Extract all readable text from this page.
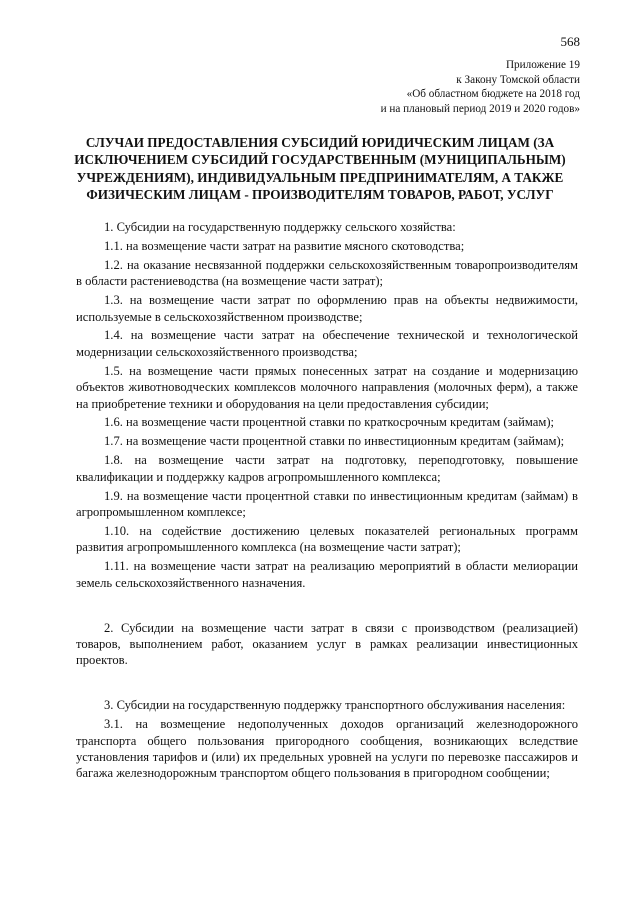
568
Приложение 19
к Закону Томской области
«Об областном бюджете на 2018 год
и на плановый период 2019 и 2020 годов»
СЛУЧАИ ПРЕДОСТАВЛЕНИЯ СУБСИДИЙ ЮРИДИЧЕСКИМ ЛИЦАМ (ЗА ИСКЛЮЧЕНИЕМ СУБСИДИЙ ГОСУДАРСТВЕННЫМ (МУНИЦИПАЛЬНЫМ) УЧРЕЖДЕНИЯМ), ИНДИВИДУАЛЬНЫМ ПРЕДПРИНИМАТЕЛЯМ, А ТАКЖЕ ФИЗИЧЕСКИМ ЛИЦАМ - ПРОИЗВОДИТЕЛЯМ ТОВАРОВ, РАБОТ, УСЛУГ

1. Субсидии на государственную поддержку сельского хозяйства:

1.1. на возмещение части затрат на развитие мясного скотоводства;

1.2. на оказание несвязанной поддержки сельскохозяйственным товаропроизводителям в области растениеводства (на возмещение части затрат);

1.3. на возмещение части затрат по оформлению прав на объекты недвижимости, используемые в сельскохозяйственном производстве;

1.4. на возмещение части затрат на обеспечение технической и технологической модернизации сельскохозяйственного производства;

1.5. на возмещение части прямых понесенных затрат на создание и модернизацию объектов животноводческих комплексов молочного направления (молочных ферм), а также на приобретение техники и оборудования на цели предоставления субсидии;

1.6. на возмещение части процентной ставки по краткосрочным кредитам (займам);

1.7. на возмещение части процентной ставки по инвестиционным кредитам (займам);

1.8. на возмещение части затрат на подготовку, переподготовку, повышение квалификации и поддержку кадров агропромышленного комплекса;

1.9. на возмещение части процентной ставки по инвестиционным кредитам (займам) в агропромышленном комплексе;

1.10. на содействие достижению целевых показателей региональных программ развития агропромышленного комплекса (на возмещение части затрат);

1.11. на возмещение части затрат на реализацию мероприятий в области мелиорации земель сельскохозяйственного назначения.

2. Субсидии на возмещение части затрат в связи с производством (реализацией) товаров, выполнением работ, оказанием услуг в рамках реализации инвестиционных проектов.

3. Субсидии на государственную поддержку транспортного обслуживания населения:

3.1. на возмещение недополученных доходов организаций железнодорожного транспорта общего пользования пригородного сообщения, возникающих вследствие установления тарифов и (или) их предельных уровней на услуги по перевозке пассажиров и багажа железнодорожным транспортом общего пользования в пригородном сообщении;
